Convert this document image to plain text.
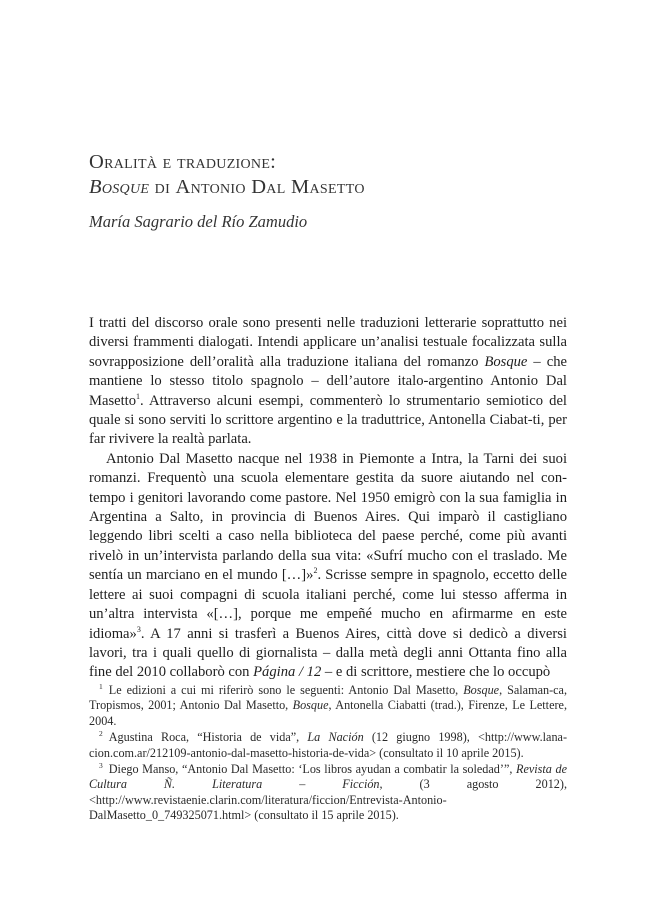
Oralità e traduzione:
Bosque di Antonio Dal Masetto
María Sagrario del Río Zamudio

I tratti del discorso orale sono presenti nelle traduzioni letterarie soprattutto nei diversi frammenti dialogati. Intendi applicare un’analisi testuale focalizzata sulla sovrapposizione dell’oralità alla traduzione italiana del romanzo Bosque – che mantiene lo stesso titolo spagnolo – dell’autore italo-argentino Antonio Dal Masetto$^1$. Attraverso alcuni esempi, commenterò lo strumentario semiotico del quale si sono serviti lo scrittore argentino e la traduttrice, Antonella Ciabat-ti, per far rivivere la realtà parlata.

Antonio Dal Masetto nacque nel 1938 in Piemonte a Intra, la Tarni dei suoi romanzi. Frequentò una scuola elementare gestita da suore aiutando nel con-tempo i genitori lavorando come pastore. Nel 1950 emigrò con la sua famiglia in Argentina a Salto, in provincia di Buenos Aires. Qui imparò il castigliano leggendo libri scelti a caso nella biblioteca del paese perché, come più avanti rivelò in un’intervista parlando della sua vita: «Sufrí mucho con el traslado. Me sentía un marciano en el mundo […]»$^2$. Scrisse sempre in spagnolo, eccetto delle lettere ai suoi compagni di scuola italiani perché, come lui stesso afferma in un’altra intervista «[…], porque me empeñé mucho en afirmarme en este idioma»$^3$. A 17 anni si trasferì a Buenos Aires, città dove si dedicò a diversi lavori, tra i quali quello di giornalista – dalla metà degli anni Ottanta fino alla fine del 2010 collaborò con Página / 12 – e di scrittore, mestiere che lo occupò

$^1$ Le edizioni a cui mi riferirò sono le seguenti: Antonio Dal Masetto, Bosque, Salaman-ca, Tropismos, 2001; Antonio Dal Masetto, Bosque, Antonella Ciabatti (trad.), Firenze, Le Lettere, 2004.

$^2$ Agustina Roca, “Historia de vida”, La Nación (12 giugno 1998), <http://www.lana-cion.com.ar/212109-antonio-dal-masetto-historia-de-vida> (consultato il 10 aprile 2015).

$^3$ Diego Manso, “Antonio Dal Masetto: ‘Los libros ayudan a combatir la soledad’”, Revista de Cultura Ñ. Literatura – Ficción, (3 agosto 2012), <http://www.revistaenie.clarin.com/literatura/ficcion/Entrevista-Antonio-DalMasetto_0_749325071.html> (consultato il 15 aprile 2015).
